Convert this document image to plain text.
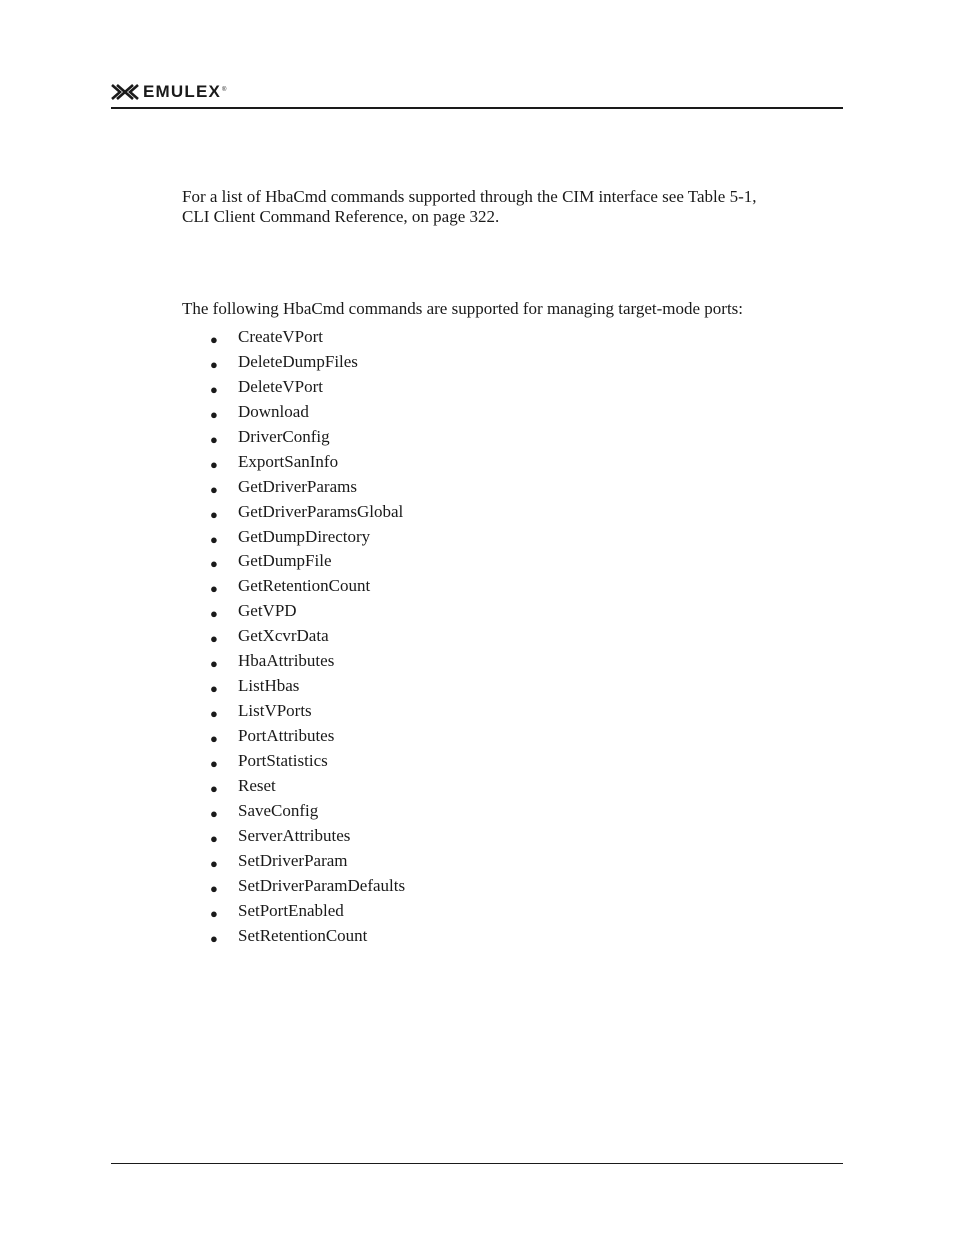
EMULEX ®

For a list of HbaCmd commands supported through the CIM interface see Table 5-1,
CLI Client Command Reference, on page 322.

The following HbaCmd commands are supported for managing target-mode ports:

● CreateVPort
● DeleteDumpFiles
● DeleteVPort
● Download
● DriverConfig
● ExportSanInfo
● GetDriverParams
● GetDriverParamsGlobal
● GetDumpDirectory
● GetDumpFile
● GetRetentionCount
● GetVPD
● GetXcvrData
● HbaAttributes
● ListHbas
● ListVPorts
● PortAttributes
● PortStatistics
● Reset
● SaveConfig
● ServerAttributes
● SetDriverParam
● SetDriverParamDefaults
● SetPortEnabled
● SetRetentionCount
